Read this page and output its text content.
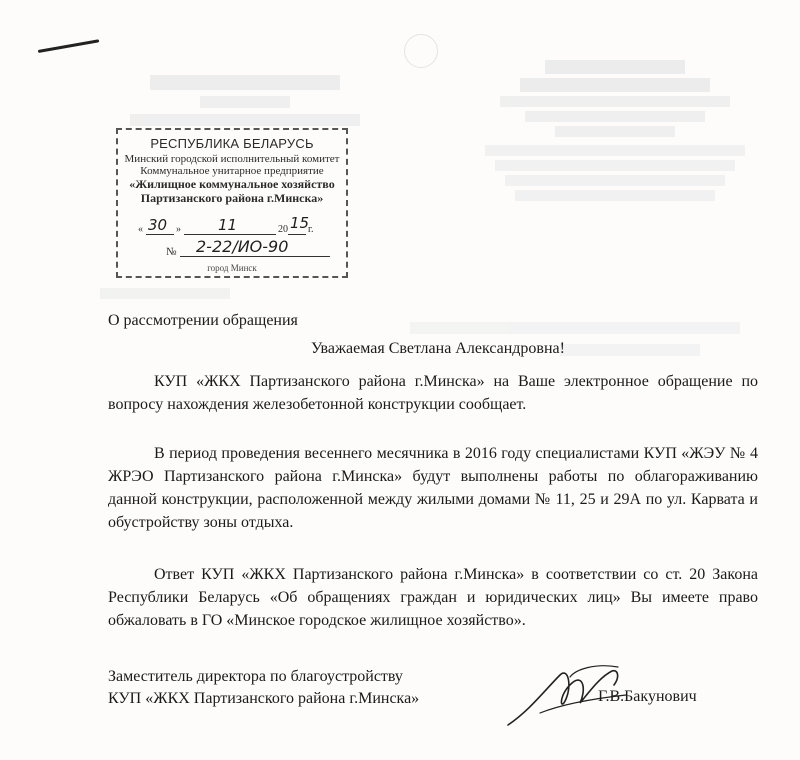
РЕСПУБЛИКА БЕЛАРУСЬ
Минский городской исполнительный комитет
Коммунальное унитарное предприятие
«Жилищное коммунальное хозяйство
Партизанского района г.Минска»
« 30 » 11	20 15
г.
№ 2-22/ИО-90
город Минск
О рассмотрении обращения
Уважаемая Светлана Александровна!
КУП «ЖКХ Партизанского района г.Минска» на Ваше электронное обращение по вопросу нахождения железобетонной конструкции сообщает.
В период проведения весеннего месячника в 2016 году специалистами КУП «ЖЭУ № 4 ЖРЭО Партизанского района г.Минска» будут выполнены работы по облагораживанию данной конструкции, расположенной между жилыми домами № 11, 25 и 29А по ул. Карвата и обустройству зоны отдыха.
Ответ КУП «ЖКХ Партизанского района г.Минска» в соответствии со ст. 20 Закона Республики Беларусь «Об обращениях граждан и юридических лиц» Вы имеете право обжаловать в ГО «Минское городское жилищное хозяйство».
Заместитель директора по благоустройству
КУП «ЖКХ Партизанского района г.Минска»	Г.В.Бакунович
